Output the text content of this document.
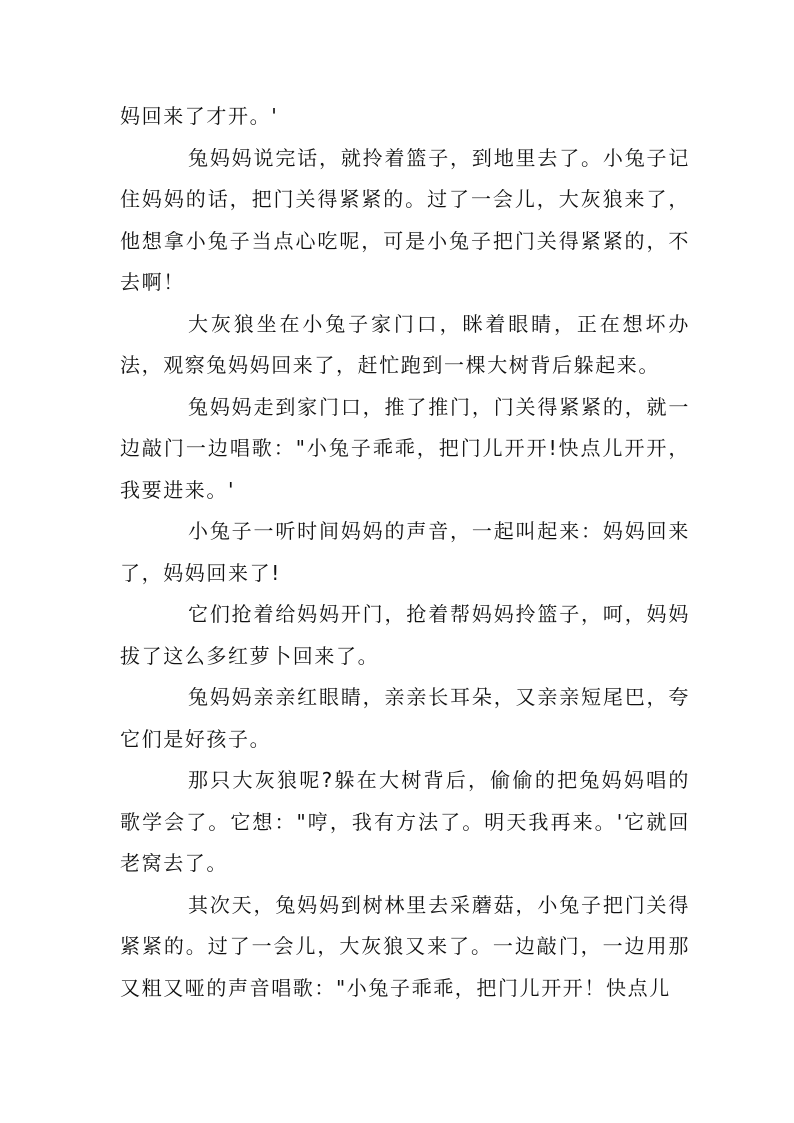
妈回来了才开。'

兔妈妈说完话，就拎着篮子，到地里去了。小兔子记住妈妈的话，把门关得紧紧的。过了一会儿，大灰狼来了，他想拿小兔子当点心吃呢，可是小兔子把门关得紧紧的，不去啊！

大灰狼坐在小兔子家门口，眯着眼睛，正在想坏办法，观察兔妈妈回来了，赶忙跑到一棵大树背后躲起来。

兔妈妈走到家门口，推了推门，门关得紧紧的，就一边敲门一边唱歌："小兔子乖乖，把门儿开开!快点儿开开，我要进来。'

小兔子一听时间妈妈的声音，一起叫起来：妈妈回来了，妈妈回来了!

它们抢着给妈妈开门，抢着帮妈妈拎篮子，呵，妈妈拔了这么多红萝卜回来了。

兔妈妈亲亲红眼睛，亲亲长耳朵，又亲亲短尾巴，夸它们是好孩子。

那只大灰狼呢?躲在大树背后，偷偷的把兔妈妈唱的歌学会了。它想："哼，我有方法了。明天我再来。'它就回老窝去了。

其次天，兔妈妈到树林里去采蘑菇，小兔子把门关得紧紧的。过了一会儿，大灰狼又来了。一边敲门，一边用那又粗又哑的声音唱歌："小兔子乖乖，把门儿开开！快点儿
